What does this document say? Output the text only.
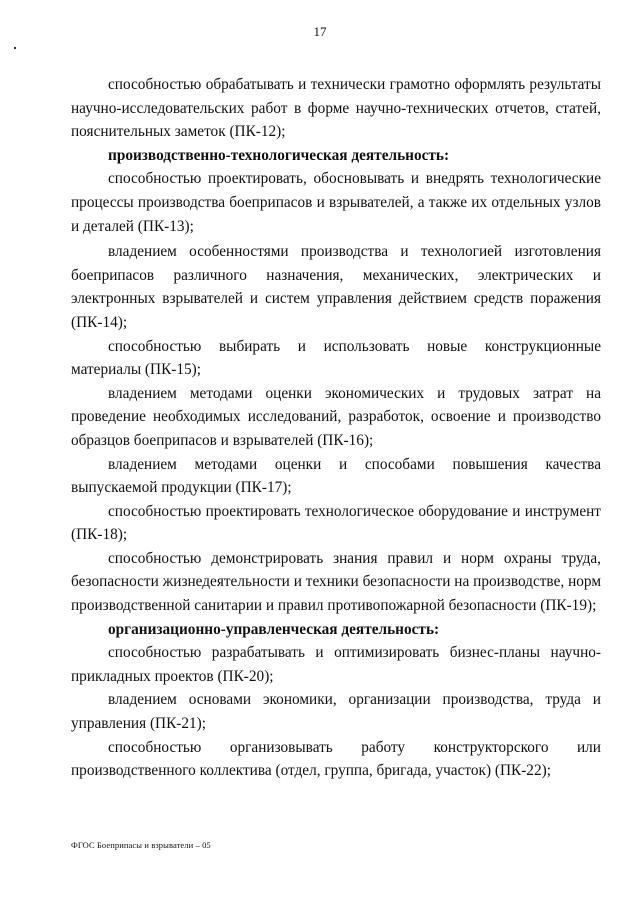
17

способностью обрабатывать и технически грамотно оформлять результаты научно-исследовательских работ в форме научно-технических отчетов, статей, пояснительных заметок (ПК-12);

производственно-технологическая деятельность:

способностью проектировать, обосновывать и внедрять технологические процессы производства боеприпасов и взрывателей, а также их отдельных узлов и деталей (ПК-13);

владением особенностями производства и технологией изготовления боеприпасов различного назначения, механических, электрических и электронных взрывателей и систем управления действием средств поражения (ПК-14);

способностью выбирать и использовать новые конструкционные материалы (ПК-15);

владением методами оценки экономических и трудовых затрат на проведение необходимых исследований, разработок, освоение и производство образцов боеприпасов и взрывателей (ПК-16);

владением методами оценки и способами повышения качества выпускаемой продукции (ПК-17);

способностью проектировать технологическое оборудование и инструмент (ПК-18);

способностью демонстрировать знания правил и норм охраны труда, безопасности жизнедеятельности и техники безопасности на производстве, норм производственной санитарии и правил противопожарной безопасности (ПК-19);

организационно-управленческая деятельность:

способностью разрабатывать и оптимизировать бизнес-планы научно-прикладных проектов (ПК-20);

владением основами экономики, организации производства, труда и управления (ПК-21);

способностью организовывать работу конструкторского или производственного коллектива (отдел, группа, бригада, участок) (ПК-22);

ФГОС Боеприпасы и взрыватели – 05
